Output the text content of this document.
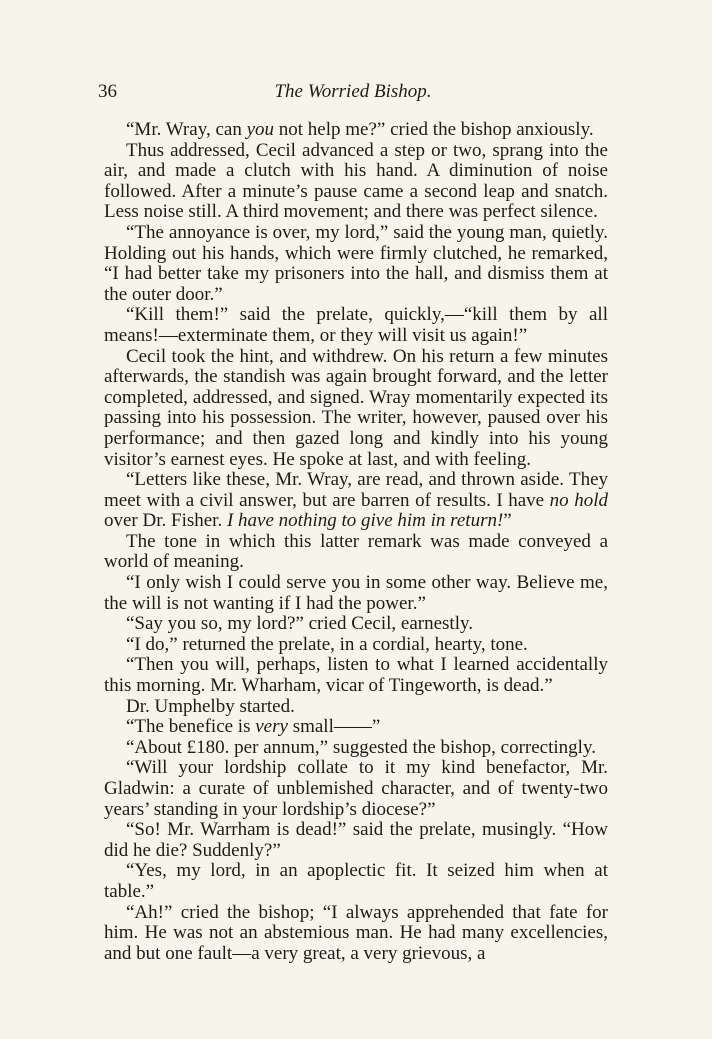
36	The Worried Bishop.

“Mr. Wray, can you not help me?” cried the bishop anxiously.

Thus addressed, Cecil advanced a step or two, sprang into the air, and made a clutch with his hand. A diminution of noise followed. After a minute’s pause came a second leap and snatch. Less noise still. A third movement; and there was perfect silence.

“The annoyance is over, my lord,” said the young man, quietly. Holding out his hands, which were firmly clutched, he remarked, “I had better take my prisoners into the hall, and dismiss them at the outer door.”

“Kill them!” said the prelate, quickly,—“kill them by all means!—exterminate them, or they will visit us again!”

Cecil took the hint, and withdrew. On his return a few minutes afterwards, the standish was again brought forward, and the letter completed, addressed, and signed. Wray momentarily expected its passing into his possession. The writer, however, paused over his performance; and then gazed long and kindly into his young visitor’s earnest eyes. He spoke at last, and with feeling.

“Letters like these, Mr. Wray, are read, and thrown aside. They meet with a civil answer, but are barren of results. I have no hold over Dr. Fisher. I have nothing to give him in return!”

The tone in which this latter remark was made conveyed a world of meaning.

“I only wish I could serve you in some other way. Believe me, the will is not wanting if I had the power.”

“Say you so, my lord?” cried Cecil, earnestly.

“I do,” returned the prelate, in a cordial, hearty, tone.

“Then you will, perhaps, listen to what I learned accidentally this morning. Mr. Wharham, vicar of Tingeworth, is dead.”

Dr. Umphelby started.

“The benefice is very small——”

“About £180. per annum,” suggested the bishop, correctingly.

“Will your lordship collate to it my kind benefactor, Mr. Gladwin: a curate of unblemished character, and of twenty-two years’ standing in your lordship’s diocese?”

“So! Mr. Warrham is dead!” said the prelate, musingly. “How did he die? Suddenly?”

“Yes, my lord, in an apoplectic fit. It seized him when at table.”

“Ah!” cried the bishop; “I always apprehended that fate for him. He was not an abstemious man. He had many excellencies, and but one fault—a very great, a very grievous, a
